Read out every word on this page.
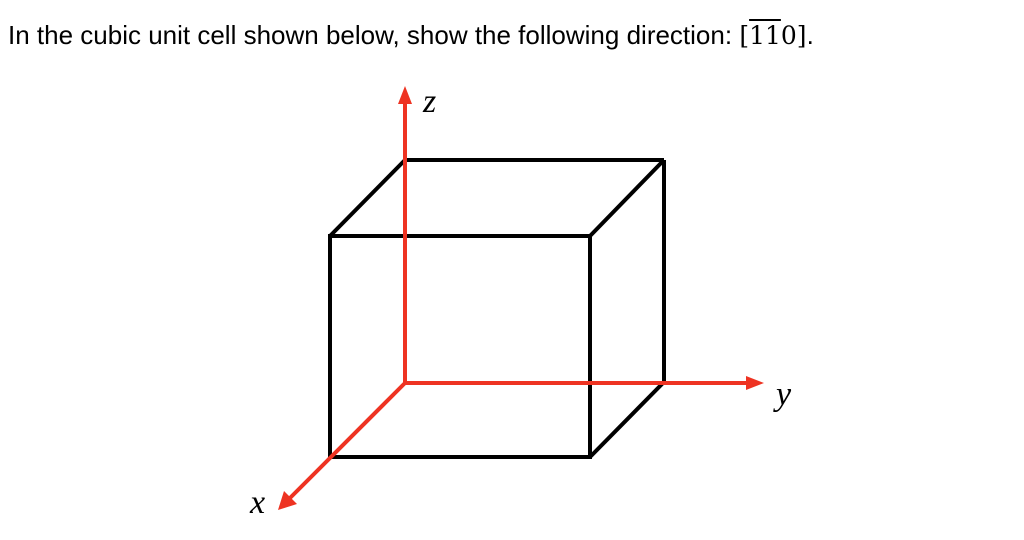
In the cubic unit cell shown below, show the following direction: [110].
z
y
x
